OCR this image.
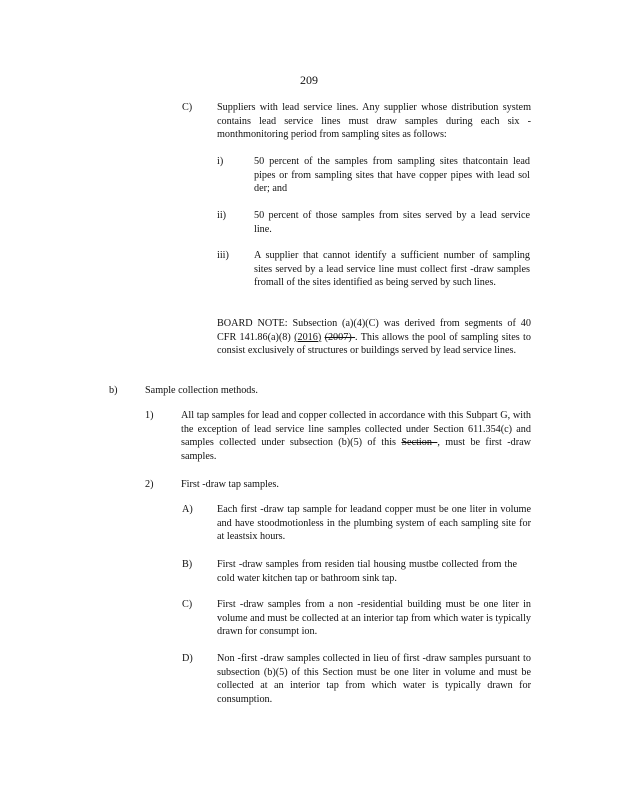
209
C) Suppliers with lead service lines. Any supplier whose distribution system contains lead service lines must draw samples during each six -monthmonitoring period from sampling sites as follows:
i)	50 percent of the samples from sampling sites thatcontain lead pipes or from sampling sites that have copper pipes with lead sol der; and
ii)	50 percent of those samples from sites served by a lead service line.
iii) A supplier that cannot identify a sufficient number of sampling sites served by a lead service line must collect first -draw samples fromall of the sites identified as being served by such lines.
BOARD NOTE: Subsection (a)(4)(C) was derived from segments of 40 CFR 141.86(a)(8) (2016) (2007) . This allows the pool of sampling sites to consist exclusively of structures or buildings served by lead service lines.
b)	Sample collection methods.
1)	All tap samples for lead and copper collected in accordance with this Subpart G, with the exception of lead service line samples collected under Section 611.354(c) and samples collected under subsection (b)(5) of this Section , must be first -draw samples.
2)	First -draw tap samples.
A) Each first -draw tap sample for leadand copper must be one liter in volume and have stoodmotionless in the plumbing system of each sampling site for at leastsix hours.
B) First -draw samples from residen tial housing mustbe collected from the cold water kitchen tap or bathroom sink tap.
C) First -draw samples from a non -residential building must be one liter in volume and must be collected at an interior tap from which water is typically drawn for consumpt ion.
D) Non -first -draw samples collected in lieu of first -draw samples pursuant to subsection (b)(5) of this Section must be one liter in volume and must be collected at an interior tap from which water is typically drawn for consumption.
